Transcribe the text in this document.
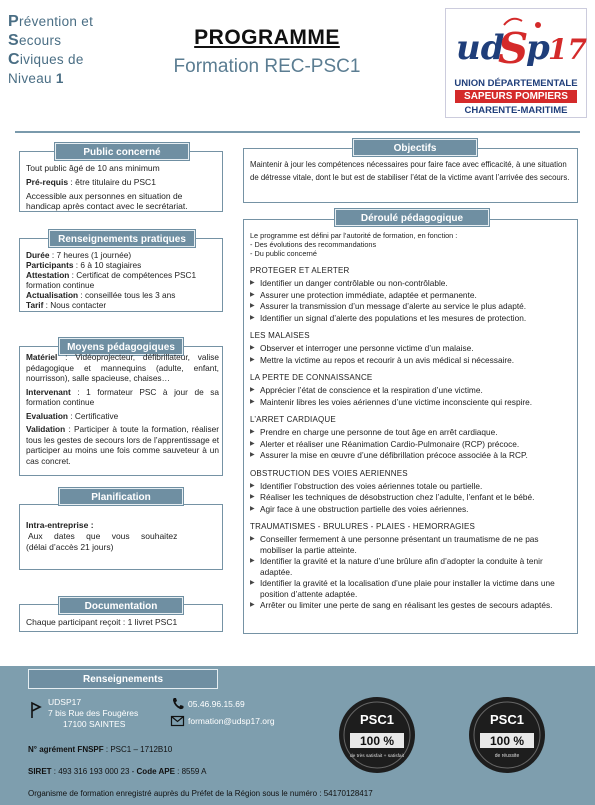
Prévention et
Secours
Civiques de
Niveau 1
PROGRAMME
Formation REC-PSC1	ud
S
p
17
UNION DÉPARTEMENTALE
SAPEURS POMPIERS
CHARENTE-MARITIME
Public concerné

Tout public âgé de 10 ans minimum

Pré-requis : être titulaire du PSC1

Accessible aux personnes en situation de handicap après contact avec le secrétariat.

Renseignements pratiques
Durée : 7 heures (1 journée)
Participants : 6 à 10 stagiaires
Attestation : Certificat de compétences PSC1 formation continue
Actualisation : conseillée tous les 3 ans
Tarif : Nous contacter
Moyens pédagogiques

Matériel : Vidéoprojecteur, défibrillateur, valise pédagogique et mannequins (adulte, enfant, nourrisson), salle spacieuse, chaises…

Intervenant : 1 formateur PSC à jour de sa formation continue

Evaluation : Certificative

Validation : Participer à toute la formation, réaliser tous les gestes de secours lors de l’apprentissage et participer au moins une fois comme sauveteur à un cas concret.

Planification
Intra-entreprise :
Aux dates que vous souhaitez
(délai d’accès 21 jours)
Documentation
Chaque participant reçoit : 1 livret PSC1
Objectifs
Maintenir à jour les compétences nécessaires pour faire face avec efficacité, à une situation de détresse vitale, dont le but est de stabiliser l’état de la victime avant l’arrivée des secours.
Déroulé pédagogique
Le programme est défini par l’autorité de formation, en fonction :
- Des évolutions des recommandations
- Du public concerné
PROTEGER ET ALERTER
▶ Identifier un danger contrôlable ou non-contrôlable.
▶ Assurer une protection immédiate, adaptée et permanente.
▶ Assurer la transmission d’un message d’alerte au service le plus adapté.
▶ Identifier un signal d’alerte des populations et les mesures de protection.
LES MALAISES
▶ Observer et interroger une personne victime d’un malaise.
▶ Mettre la victime au repos et recourir à un avis médical si nécessaire.
LA PERTE DE CONNAISSANCE
▶ Apprécier l’état de conscience et la respiration d’une victime.
▶ Maintenir libres les voies aériennes d’une victime inconsciente qui respire.
L’ARRET CARDIAQUE
▶ Prendre en charge une personne de tout âge en arrêt cardiaque.
▶ Alerter et réaliser une Réanimation Cardio-Pulmonaire (RCP) précoce.
▶ Assurer la mise en œuvre d’une défibrillation précoce associée à la RCP.
OBSTRUCTION DES VOIES AERIENNES
▶ Identifier l’obstruction des voies aériennes totale ou partielle.
▶ Réaliser les techniques de désobstruction chez l’adulte, l’enfant et le bébé.
▶ Agir face à une obstruction partielle des voies aériennes.
TRAUMATISMES - BRULURES - PLAIES - HEMORRAGIES
▶ Conseiller fermement à une personne présentant un traumatisme de ne pas mobiliser la partie atteinte.
▶ Identifier la gravité et la nature d’une brûlure afin d’adopter la conduite à tenir adaptée.
▶ Identifier la gravité et la localisation d’une plaie pour installer la victime dans une position d’attente adaptée.
▶ Arrêter ou limiter une perte de sang en réalisant les gestes de secours adaptés.
Renseignements
UDSP17
7 bis Rue des Fougères
17100 SAINTES
05.46.96.15.69
formation@udsp17.org
N° agrément FNSPF : PSC1 – 1712B10
SIRET : 493 316 193 000 23 - Code APE : 8559 A
Organisme de formation enregistré auprès du Préfet de la Région sous le numéro : 54170128417
PSC1
100 %
de très satisfait + satisfait
PSC1
100 %
de réussite
